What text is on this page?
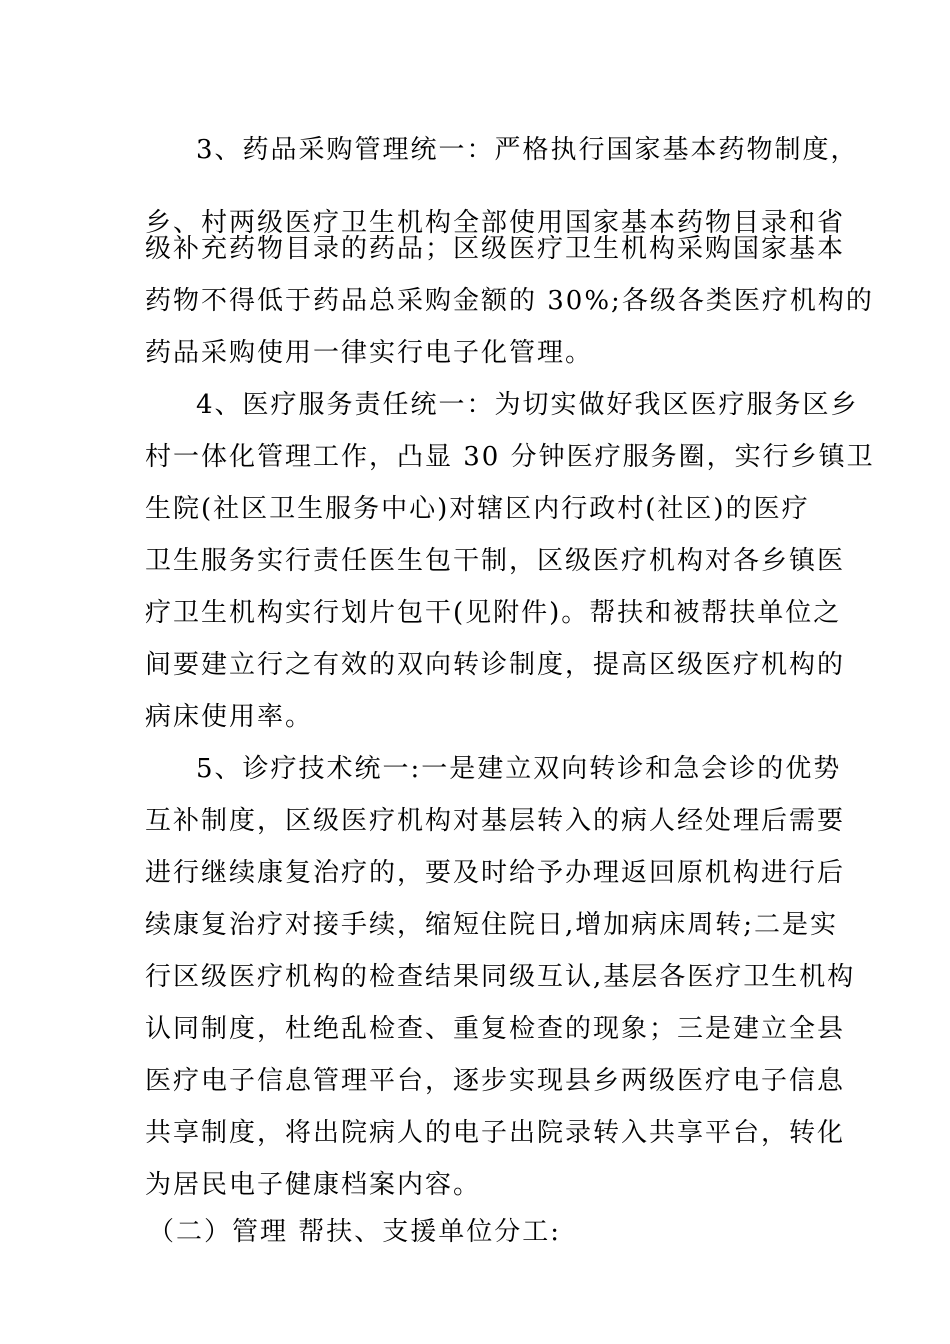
3、药品采购管理统一：严格执行国家基本药物制度，
乡、村两级医疗卫生机构全部使用国家基本药物目录和省
级补充药物目录的药品；区级医疗卫生机构采购国家基本
药物不得低于药品总采购金额的 30%;各级各类医疗机构的
药品采购使用一律实行电子化管理。
4、医疗服务责任统一：为切实做好我区医疗服务区乡
村一体化管理工作，凸显 30 分钟医疗服务圈，实行乡镇卫
生院(社区卫生服务中心)对辖区内行政村(社区)的医疗
卫生服务实行责任医生包干制，区级医疗机构对各乡镇医
疗卫生机构实行划片包干(见附件)。帮扶和被帮扶单位之
间要建立行之有效的双向转诊制度，提高区级医疗机构的
病床使用率。
5、诊疗技术统一:一是建立双向转诊和急会诊的优势
互补制度，区级医疗机构对基层转入的病人经处理后需要
进行继续康复治疗的，要及时给予办理返回原机构进行后
续康复治疗对接手续，缩短住院日,增加病床周转;二是实
行区级医疗机构的检查结果同级互认,基层各医疗卫生机构
认同制度，杜绝乱检查、重复检查的现象；三是建立全县
医疗电子信息管理平台，逐步实现县乡两级医疗电子信息
共享制度，将出院病人的电子出院录转入共享平台，转化
为居民电子健康档案内容。
（二）管理 帮扶、支援单位分工:
